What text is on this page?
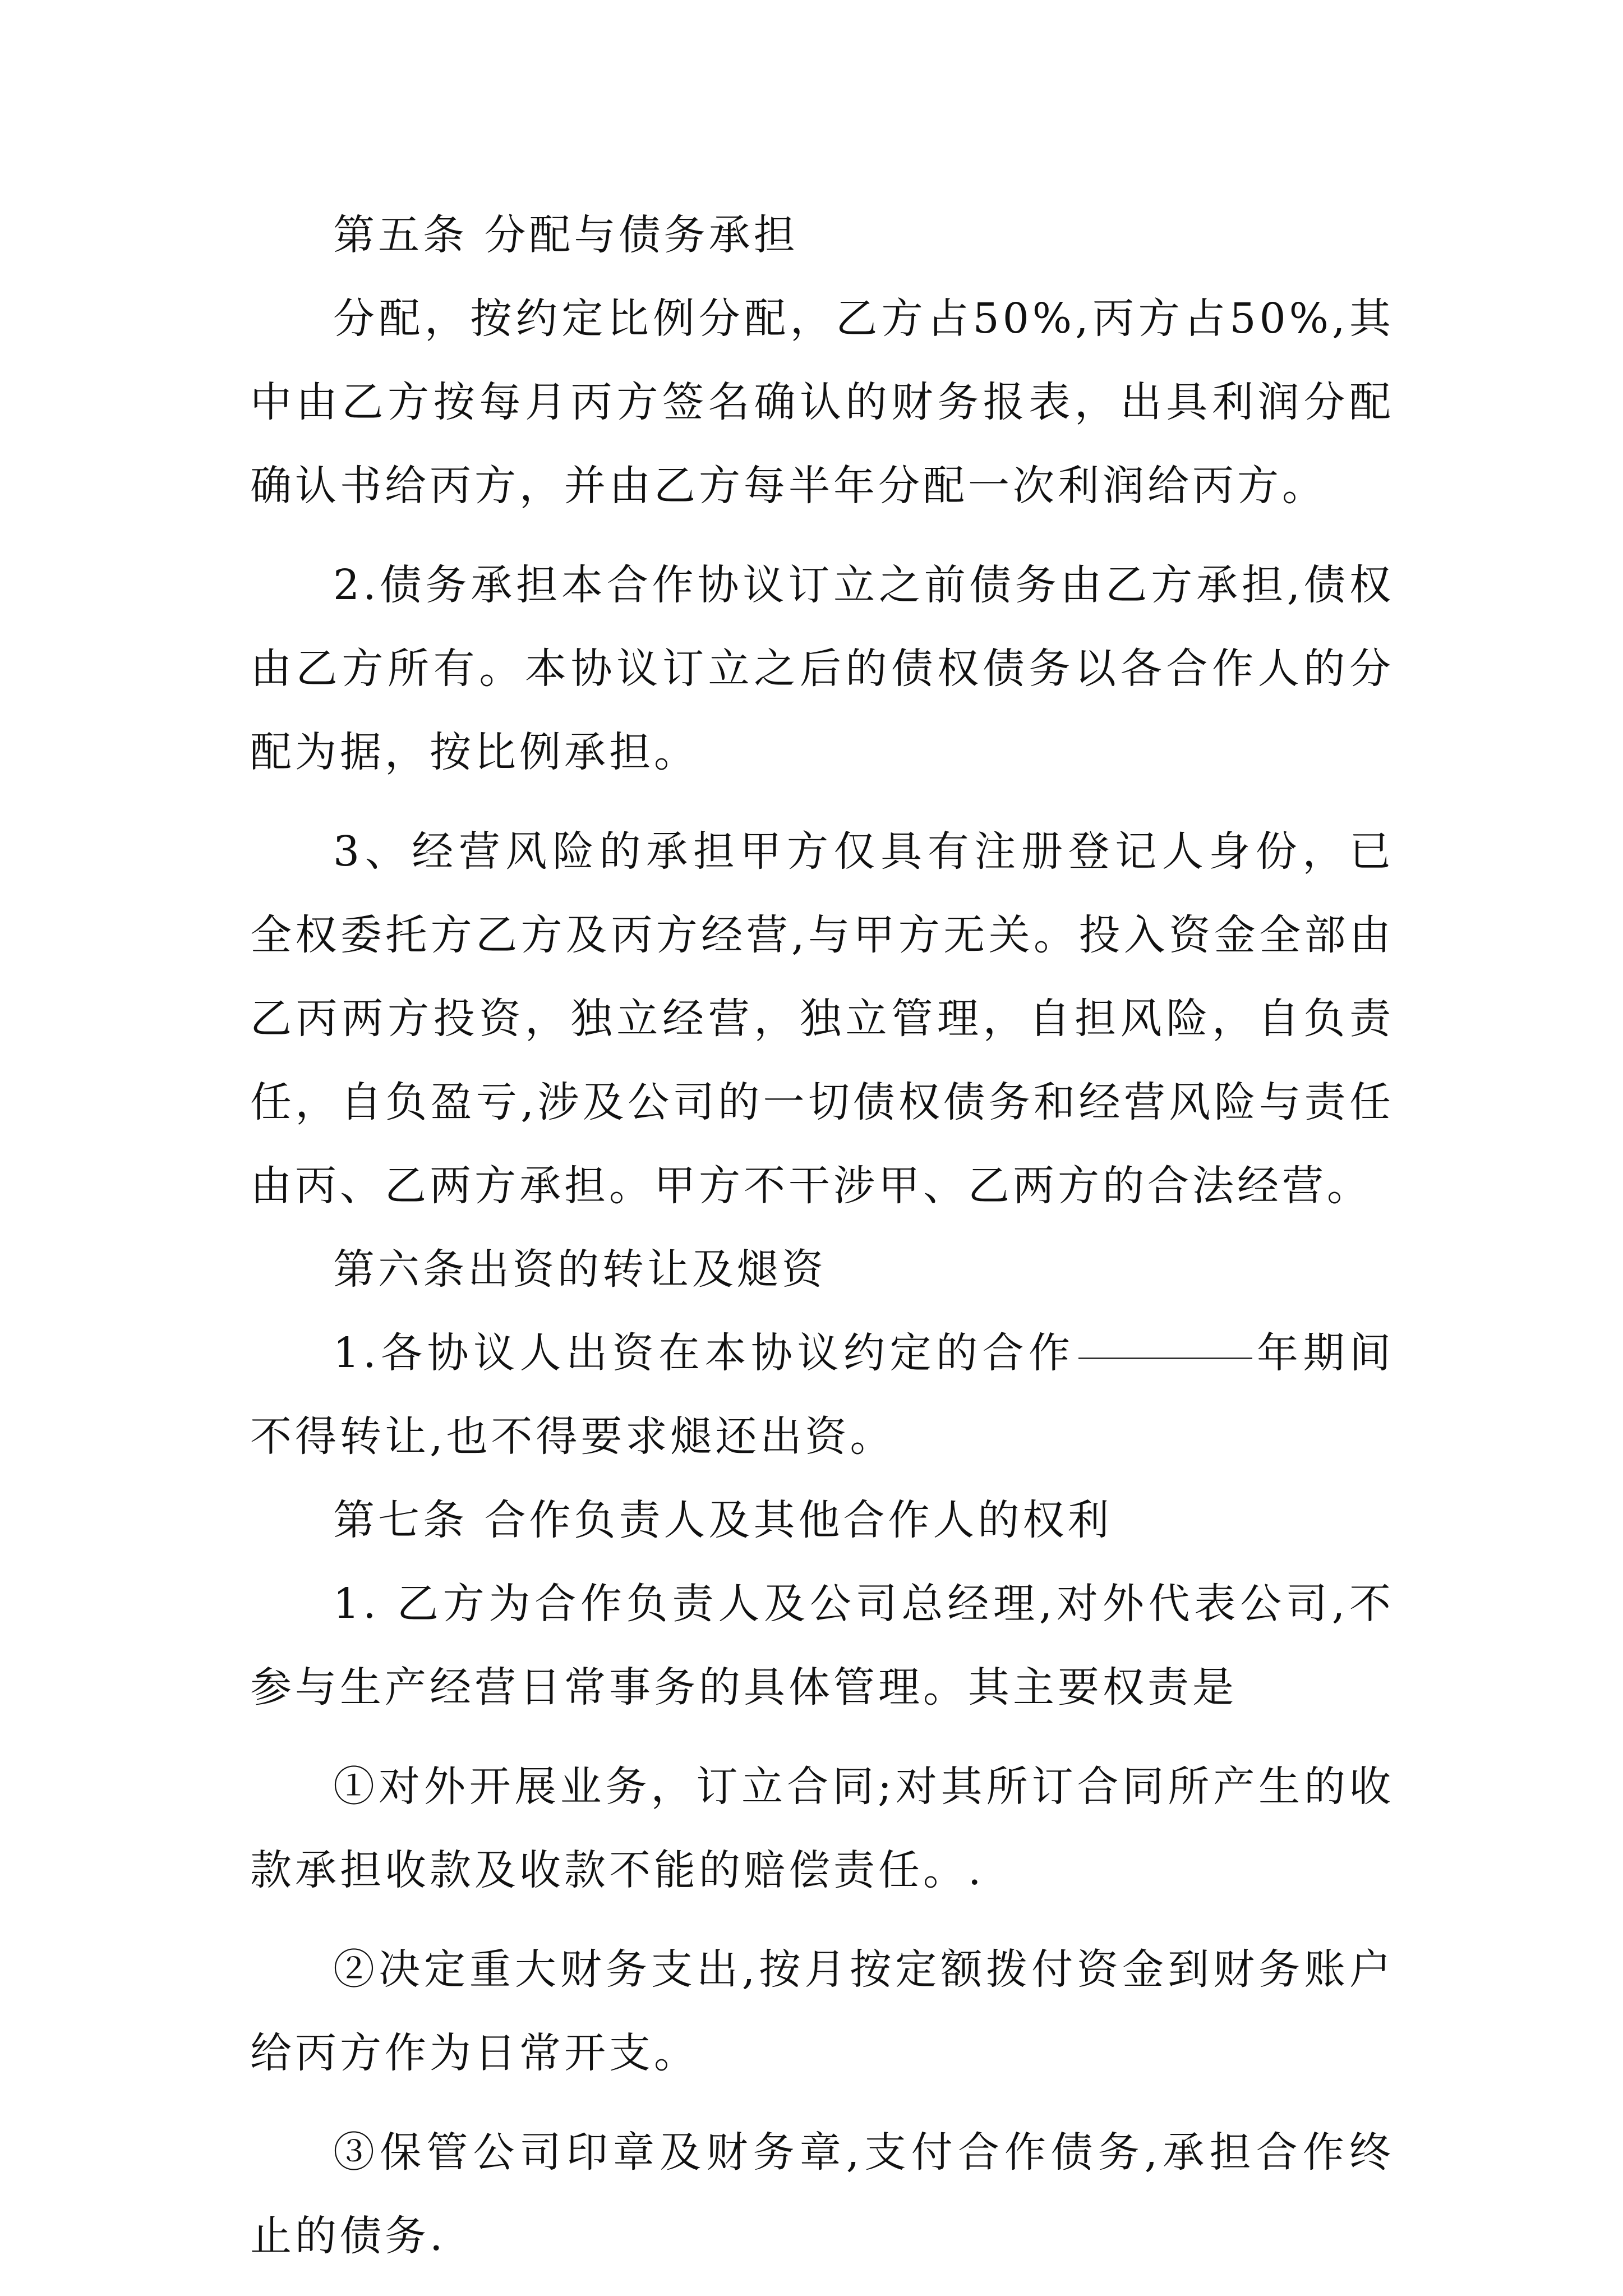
第五条 分配与债务承担

分配，按约定比例分配，乙方占50%,丙方占50%,其中由乙方按每月丙方签名确认的财务报表，出具利润分配确认书给丙方，并由乙方每半年分配一次利润给丙方。

2.债务承担本合作协议订立之前债务由乙方承担,债权由乙方所有。本协议订立之后的债权债务以各合作人的分配为据，按比例承担。

3、经营风险的承担甲方仅具有注册登记人身份，已全权委托方乙方及丙方经营,与甲方无关。投入资金全部由乙丙两方投资，独立经营，独立管理，自担风险，自负责任，自负盈亏,涉及公司的一切债权债务和经营风险与责任由丙、乙两方承担。甲方不干涉甲、乙两方的合法经营。

第六条出资的转让及煺资

1.各协议人出资在本协议约定的合作	年期间不得转让,也不得要求煺还出资。

第七条 合作负责人及其他合作人的权利

1. 乙方为合作负责人及公司总经理,对外代表公司,不参与生产经营日常事务的具体管理。其主要权责是

①对外开展业务，订立合同;对其所订合同所产生的收款承担收款及收款不能的赔偿责任。.

②决定重大财务支出,按月按定额拨付资金到财务账户给丙方作为日常开支。

③保管公司印章及财务章,支付合作债务,承担合作终止的债务.
